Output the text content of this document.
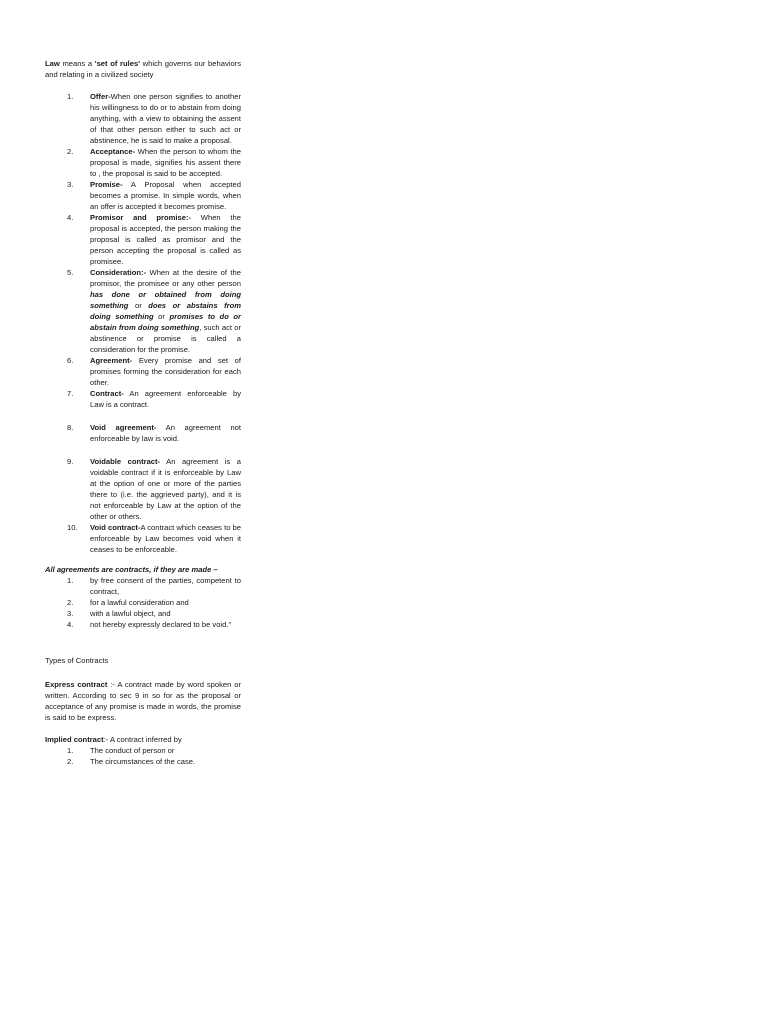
Law means a 'set of rules' which governs our behaviors and relating in a civilized society

1. Offer-When one person signifies to another his willingness to do or to abstain from doing anything, with a view to obtaining the assent of that other person either to such act or abstinence, he is said to make a proposal.
2. Acceptance- When the person to whom the proposal is made, signifies his assent there to , the proposal is said to be accepted.
3. Promise- A Proposal when accepted becomes a promise. In simple words, when an offer is accepted it becomes promise.
4. Promisor and promise:- When the proposal is accepted, the person making the proposal is called as promisor and the person accepting the proposal is called as promisee.
5. Consideration:- When at the desire of the promisor, the promisee or any other person has done or obtained from doing something or does or abstains from doing something or promises to do or abstain from doing something, such act or abstinence or promise is called a consideration for the promise.
6. Agreement- Every promise and set of promises forming the consideration for each other.
7. Contract- An agreement enforceable by Law is a contract.
8. Void agreement- An agreement not enforceable by law is void.
9. Voidable contract- An agreement is a voidable contract if it is enforceable by Law at the option of one or more of the parties there to (i.e. the aggrieved party), and it is not enforceable by Law at the option of the other or others.
10. Void contract-A contract which ceases to be enforceable by Law becomes void when it ceases to be enforceable.

All agreements are contracts, if they are made –

1. by free consent of the parties, competent to contract,
2. for a lawful consideration and
3. with a lawful object, and
4. not hereby expressly declared to be void."

Types of Contracts

Express contract :- A contract made by word spoken or written. According to sec 9 in so for as the proposal or acceptance of any promise is made in words, the promise is said to be express.

Implied contract:- A contract inferred by

1. The conduct of person or
2. The circumstances of the case.
